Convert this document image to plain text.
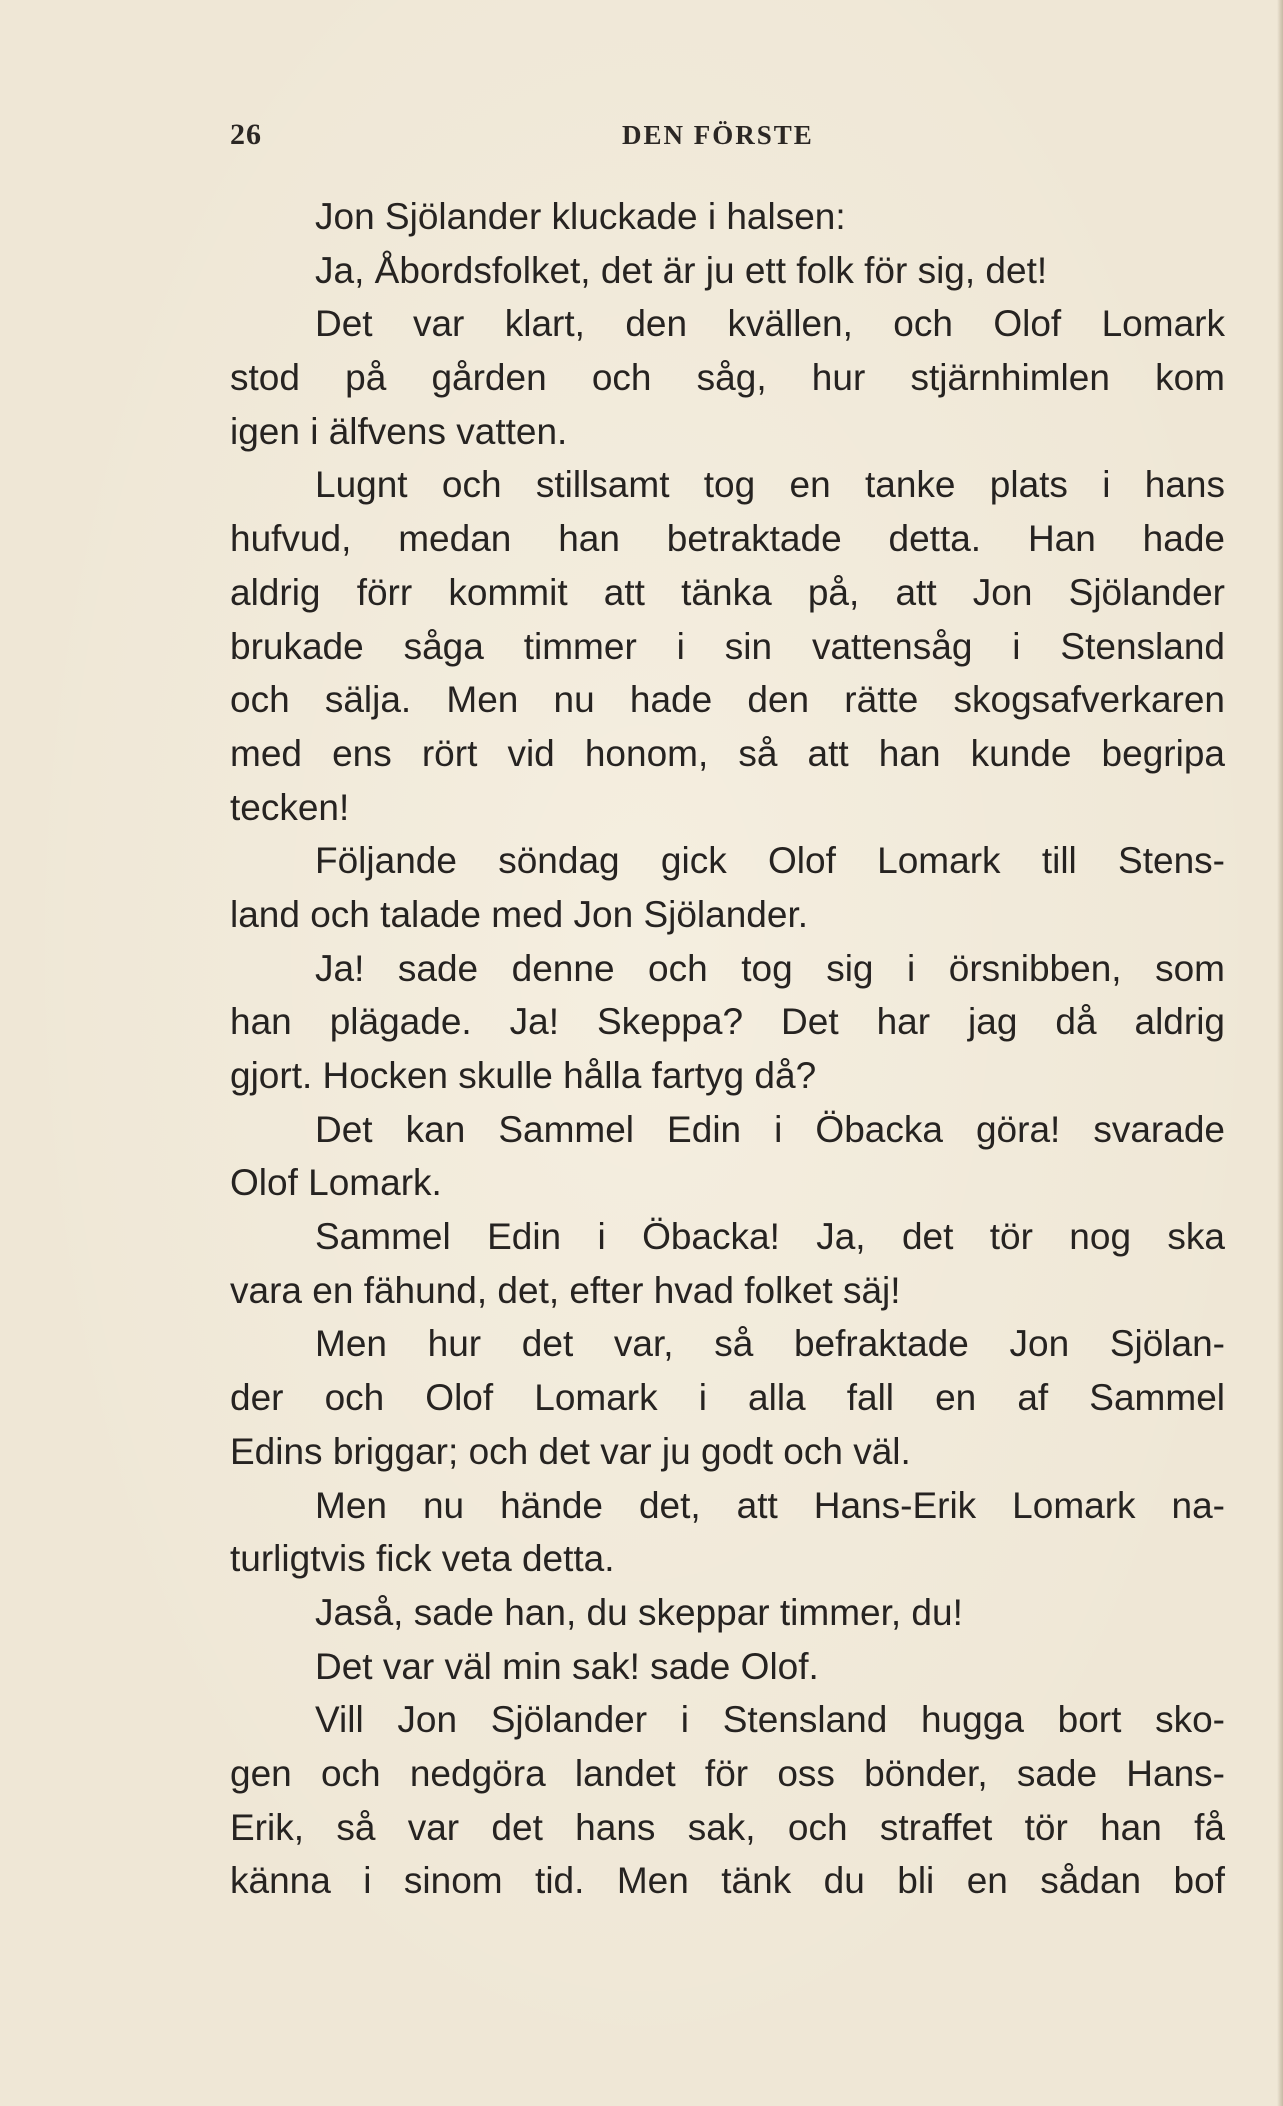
26	DEN FÖRSTE
Jon Sjölander kluckade i halsen:
Ja, Åbordsfolket, det är ju ett folk för sig, det!
Det var klart, den kvällen, och Olof Lomark
stod på gården och såg, hur stjärnhimlen kom
igen i älfvens vatten.
Lugnt och stillsamt tog en tanke plats i hans
hufvud, medan han betraktade detta. Han hade
aldrig förr kommit att tänka på, att Jon Sjölander
brukade såga timmer i sin vattensåg i Stensland
och sälja. Men nu hade den rätte skogsafverkaren
med ens rört vid honom, så att han kunde begripa
tecken!
Följande söndag gick Olof Lomark till Stens-
land och talade med Jon Sjölander.
Ja! sade denne och tog sig i örsnibben, som
han plägade. Ja! Skeppa? Det har jag då aldrig
gjort. Hocken skulle hålla fartyg då?
Det kan Sammel Edin i Öbacka göra! svarade
Olof Lomark.
Sammel Edin i Öbacka! Ja, det tör nog ska
vara en fähund, det, efter hvad folket säj!
Men hur det var, så befraktade Jon Sjölan-
der och Olof Lomark i alla fall en af Sammel
Edins briggar; och det var ju godt och väl.
Men nu hände det, att Hans-Erik Lomark na-
turligtvis fick veta detta.
Jaså, sade han, du skeppar timmer, du!
Det var väl min sak! sade Olof.
Vill Jon Sjölander i Stensland hugga bort sko-
gen och nedgöra landet för oss bönder, sade Hans-
Erik, så var det hans sak, och straffet tör han få
känna i sinom tid. Men tänk du bli en sådan bof
